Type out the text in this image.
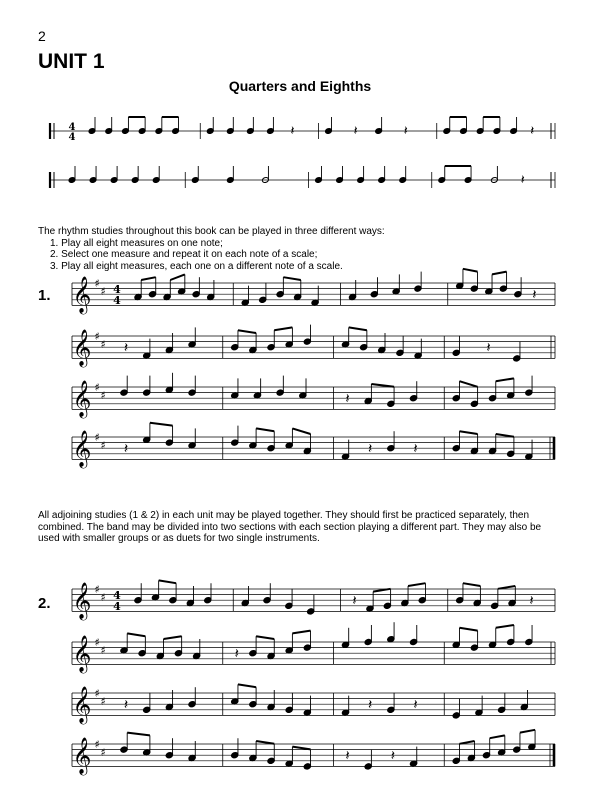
2
UNIT 1
Quarters and Eighths

The rhythm studies throughout this book can be played in three different ways:

1. Play all eight measures on one note;
2. Select one measure and repeat it on each note of a scale;
3. Play all eight measures, each one on a different note of a scale.

All adjoining studies (1 & 2) in each unit may be played together. They should first be practiced separately, then combined. The band may be divided into two sections with each section playing a different part. They may also be used with smaller groups or as duets for two single instruments.

1.
2.
4
4	𝄽	𝄽	𝄽	𝄽
𝄽
𝄞 ♯
♯ 4
4	𝄽
𝄞 ♯
♯ 𝄽	𝄽
𝄞 ♯
♯	𝄽
𝄞 ♯
♯ 𝄽	𝄽	𝄽
𝄞 ♯
♯ 4
4	𝄽	𝄽
𝄞 ♯
♯	𝄽
𝄞 ♯
♯ 𝄽	𝄽	𝄽
𝄞 ♯
♯	𝄽	𝄽
